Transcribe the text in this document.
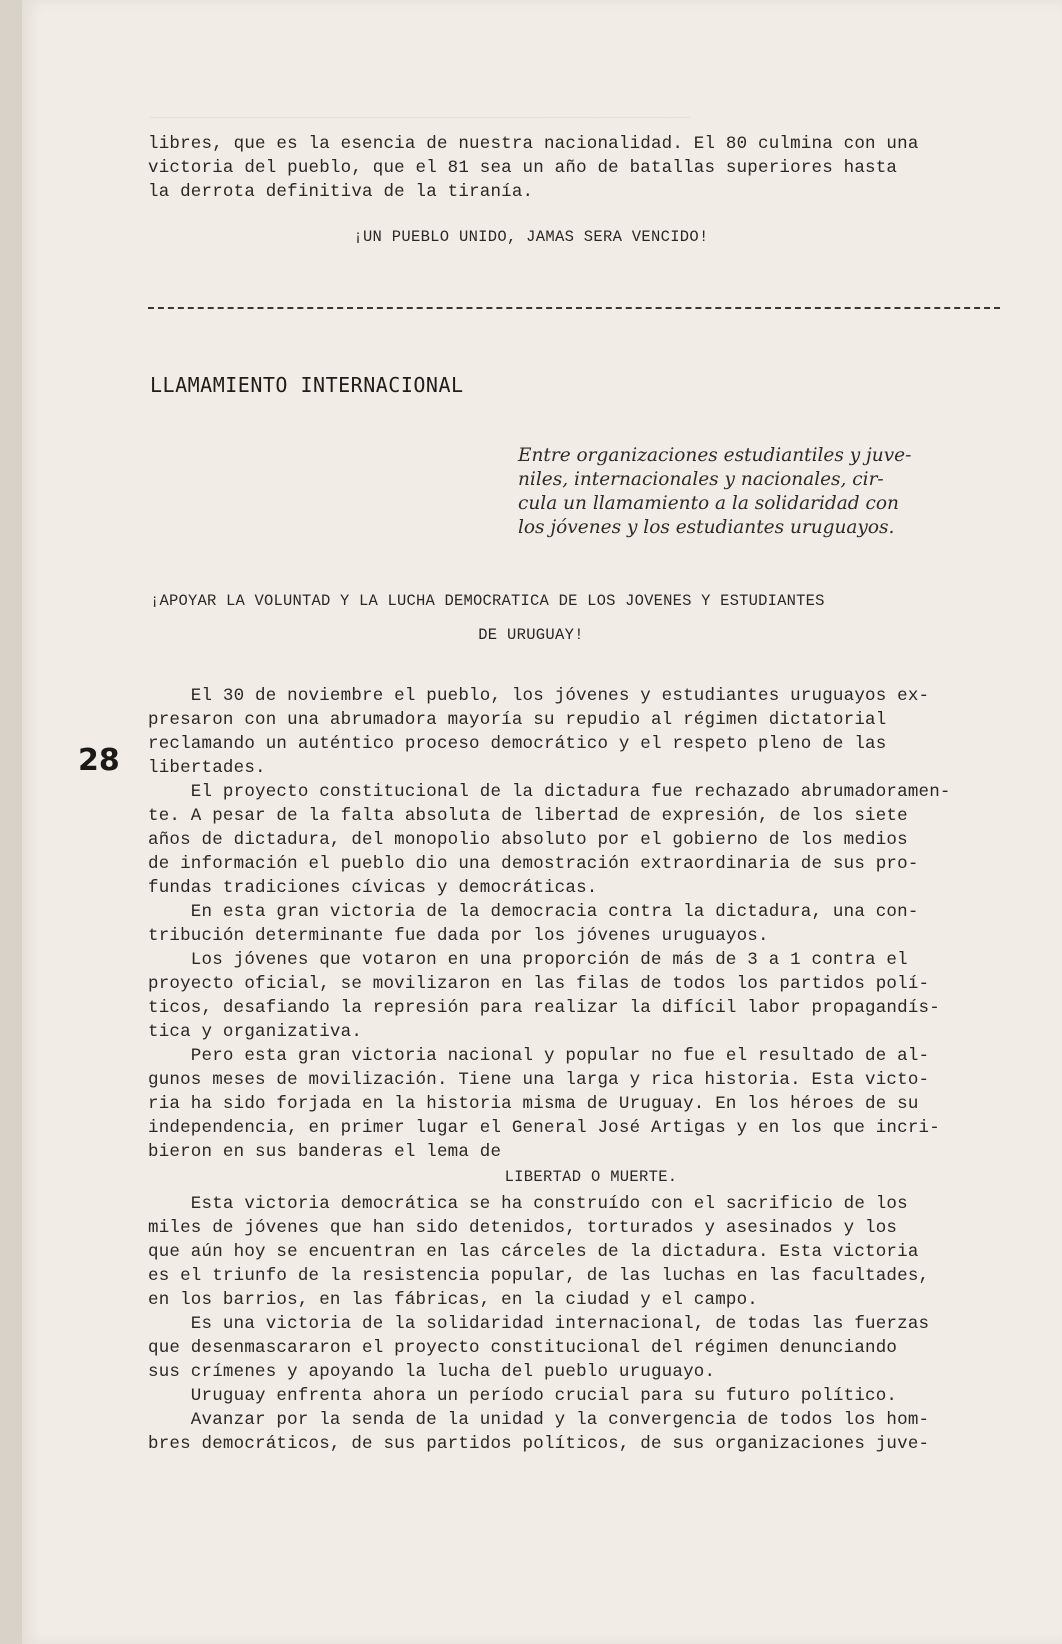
────────────────────────────────────────────────────────────
libres, que es la esencia de nuestra nacionalidad. El 80 culmina con una
victoria del pueblo, que el 81 sea un año de batallas superiores hasta
la derrota definitiva de la tiranía.
¡UN PUEBLO UNIDO, JAMAS SERA VENCIDO!
LLAMAMIENTO INTERNACIONAL
Entre organizaciones estudiantiles y juve-
niles, internacionales y nacionales, cir-
cula un llamamiento a la solidaridad con
los jóvenes y los estudiantes uruguayos.
¡APOYAR LA VOLUNTAD Y LA LUCHA DEMOCRATICA DE LOS JOVENES Y ESTUDIANTES
DE URUGUAY!
28
El 30 de noviembre el pueblo, los jóvenes y estudiantes uruguayos ex-
presaron con una abrumadora mayoría su repudio al régimen dictatorial
reclamando un auténtico proceso democrático y el respeto pleno de las
libertades.
El proyecto constitucional de la dictadura fue rechazado abrumadoramen-
te. A pesar de la falta absoluta de libertad de expresión, de los siete
años de dictadura, del monopolio absoluto por el gobierno de los medios
de información el pueblo dio una demostración extraordinaria de sus pro-
fundas tradiciones cívicas y democráticas.
En esta gran victoria de la democracia contra la dictadura, una con-
tribución determinante fue dada por los jóvenes uruguayos.
Los jóvenes que votaron en una proporción de más de 3 a 1 contra el
proyecto oficial, se movilizaron en las filas de todos los partidos polí-
ticos, desafiando la represión para realizar la difícil labor propagandís-
tica y organizativa.
Pero esta gran victoria nacional y popular no fue el resultado de al-
gunos meses de movilización. Tiene una larga y rica historia. Esta victo-
ria ha sido forjada en la historia misma de Uruguay. En los héroes de su
independencia, en primer lugar el General José Artigas y en los que incri-
bieron en sus banderas el lema de
LIBERTAD O MUERTE.
Esta victoria democrática se ha construído con el sacrificio de los
miles de jóvenes que han sido detenidos, torturados y asesinados y los
que aún hoy se encuentran en las cárceles de la dictadura. Esta victoria
es el triunfo de la resistencia popular, de las luchas en las facultades,
en los barrios, en las fábricas, en la ciudad y el campo.
Es una victoria de la solidaridad internacional, de todas las fuerzas
que desenmascararon el proyecto constitucional del régimen denunciando
sus crímenes y apoyando la lucha del pueblo uruguayo.
Uruguay enfrenta ahora un período crucial para su futuro político.
Avanzar por la senda de la unidad y la convergencia de todos los hom-
bres democráticos, de sus partidos políticos, de sus organizaciones juve-
